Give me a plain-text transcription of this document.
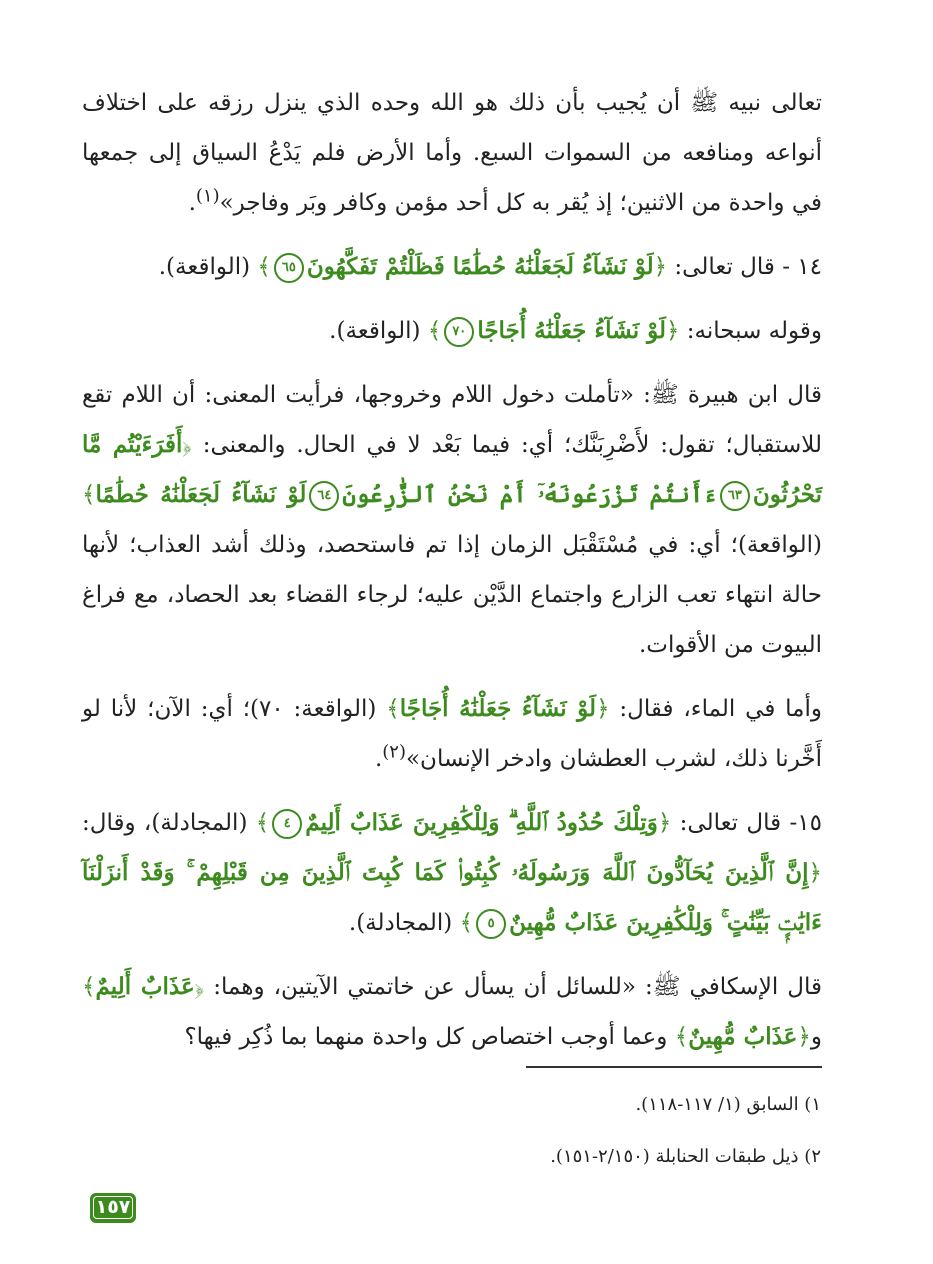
تعالى نبيه ﷺ أن يُجيب بأن ذلك هو الله وحده الذي ينزل رزقه على اختلاف أنواعه ومنافعه من السموات السبع. وأما الأرض فلم يَدْعُ السياق إلى جمعها في واحدة من الاثنين؛ إذ يُقر به كل أحد مؤمن وكافر وبَر وفاجر»$^{(١)}$.

١٤ - قال تعالى: ﴿لَوْ نَشَآءُ لَجَعَلْنَٰهُ حُطَٰمًا فَظَلْتُمْ تَفَكَّهُونَ٦٥﴾ (الواقعة).

وقوله سبحانه: ﴿لَوْ نَشَآءُ جَعَلْنَٰهُ أُجَاجًا٧٠﴾ (الواقعة).

قال ابن هبيرة ﷺ: «تأملت دخول اللام وخروجها، فرأيت المعنى: أن اللام تقع للاستقبال؛ تقول: لأَضْرِبَنَّك؛ أي: فيما بَعْد لا في الحال. والمعنى: ﴿أَفَرَءَيْتُم مَّا تَحْرُثُونَ٦٣ءَأَنتُمْ تَزْرَعُونَهُۥٓ أَمْ نَحْنُ ٱلزَّٰرِعُونَ٦٤لَوْ نَشَآءُ لَجَعَلْنَٰهُ حُطَٰمًا﴾ (الواقعة)؛ أي: في مُسْتَقْبَل الزمان إذا تم فاستحصد، وذلك أشد العذاب؛ لأنها حالة انتهاء تعب الزارع واجتماع الدَّيْن عليه؛ لرجاء القضاء بعد الحصاد، مع فراغ البيوت من الأقوات.

وأما في الماء، فقال: ﴿لَوْ نَشَآءُ جَعَلْنَٰهُ أُجَاجًا﴾ (الواقعة: ٧٠)؛ أي: الآن؛ لأنا لو أَخَّرنا ذلك، لشرب العطشان وادخر الإنسان»$^{(٢)}$.

١٥- قال تعالى: ﴿وَتِلْكَ حُدُودُ ٱللَّهِ ۗ وَلِلْكَٰفِرِينَ عَذَابٌ أَلِيمٌ٤﴾ (المجادلة)، وقال: ﴿إِنَّ ٱلَّذِينَ يُحَآدُّونَ ٱللَّهَ وَرَسُولَهُۥ كُبِتُوا۟ كَمَا كُبِتَ ٱلَّذِينَ مِن قَبْلِهِمْ ۚ وَقَدْ أَنزَلْنَآ ءَايَٰتٍۭ بَيِّنَٰتٍ ۚ وَلِلْكَٰفِرِينَ عَذَابٌ مُّهِينٌ٥﴾ (المجادلة).

قال الإسكافي ﷺ: «للسائل أن يسأل عن خاتمتي الآيتين، وهما: ﴿عَذَابٌ أَلِيمٌ﴾ و﴿عَذَابٌ مُّهِينٌ﴾ وعما أوجب اختصاص كل واحدة منهما بما ذُكِر فيها؟

١) السابق (١/ ١١٧-١١٨).
٢) ذيل طبقات الحنابلة (٢/١٥٠-١٥١).
١٥٧
